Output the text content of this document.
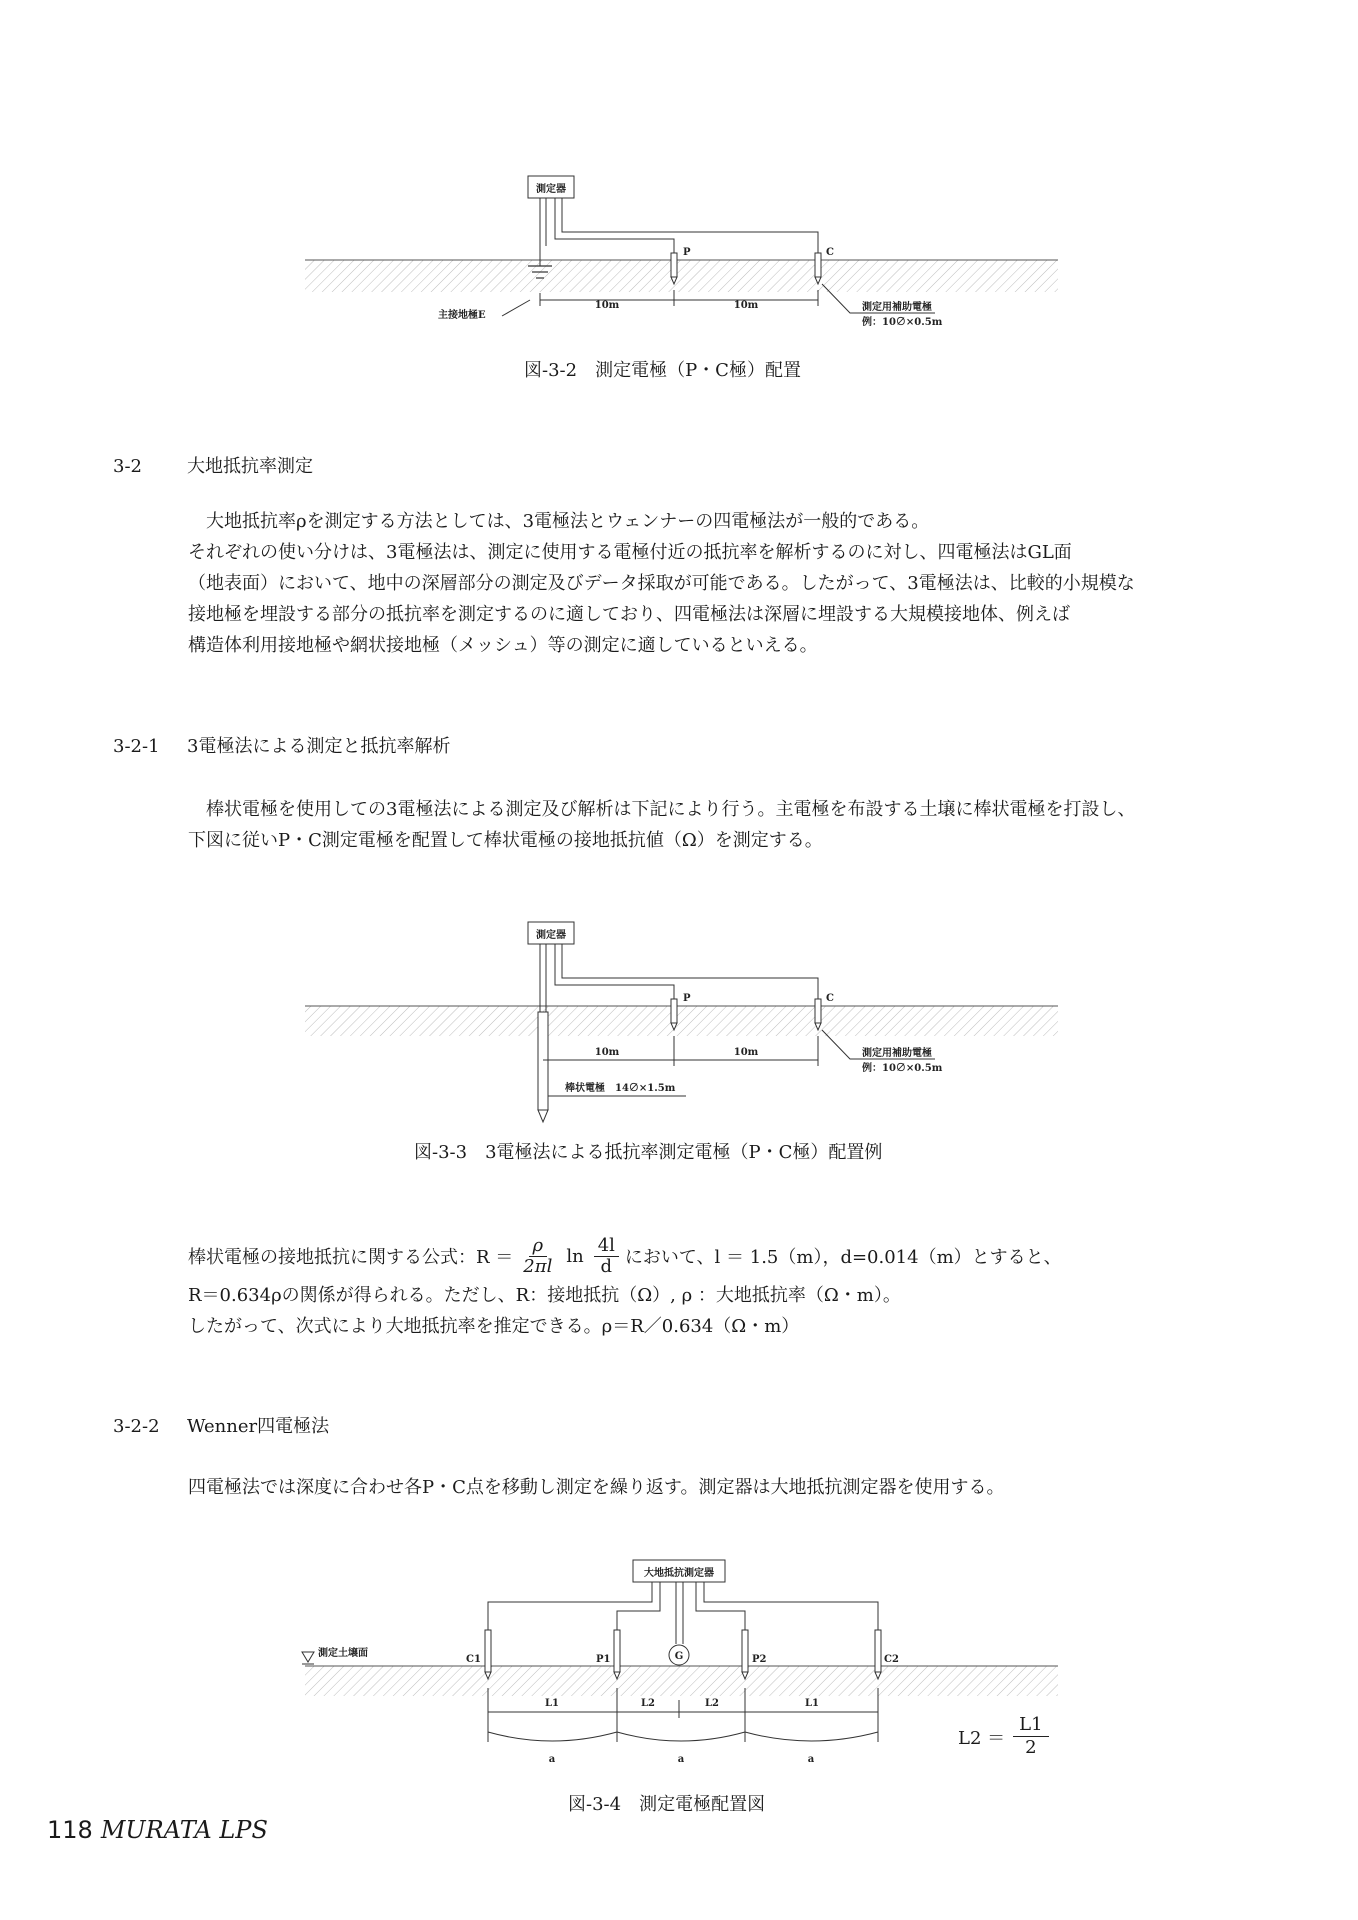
測定器
主接地極E
P	C
10m	10m	測定用補助電極
例：10∅×0.5m
測定器
P	C
10m	10m
棒状電極　14∅×1.5m
測定用補助電極
例：10∅×0.5m
測定土壌面
大地抵抗測定器
G
C1	P1	P2	C2
L1	L2	L2	L1
a	a	a
図-3-2　測定電極（P・C極）配置
3-2	大地抵抗率測定

大地抵抗率ρを測定する方法としては、3電極法とウェンナーの四電極法が一般的である。

それぞれの使い分けは、3電極法は、測定に使用する電極付近の抵抗率を解析するのに対し、四電極法はGL面

（地表面）において、地中の深層部分の測定及びデータ採取が可能である。したがって、3電極法は、比較的小規模な

接地極を埋設する部分の抵抗率を測定するのに適しており、四電極法は深層に埋設する大規模接地体、例えば

構造体利用接地極や網状接地極（メッシュ）等の測定に適しているといえる。

3-2-1 3電極法による測定と抵抗率解析

棒状電極を使用しての3電極法による測定及び解析は下記により行う。主電極を布設する土壌に棒状電極を打設し、

下図に従いP・C測定電極を配置して棒状電極の接地抵抗値（Ω）を測定する。

図-3-3　3電極法による抵抗率測定電極（P・C極）配置例
棒状電極の接地抵抗に関する公式：$R = \frac{\rho}{2\pi l}$ $\ln \frac{4l}{d}$ において、l ＝ 1.5（m），d=0.014（m）とすると、

R＝0.634ρの関係が得られる。ただし、R：接地抵抗（Ω）, ρ ：大地抵抗率（Ω・m）。

したがって、次式により大地抵抗率を推定できる。ρ＝R／0.634（Ω・m）

3-2-2 Wenner四電極法

四電極法では深度に合わせ各P・C点を移動し測定を繰り返す。測定器は大地抵抗測定器を使用する。

$L2 = \frac{L1}{2}$
図-3-4　測定電極配置図
118 MURATA LPS
